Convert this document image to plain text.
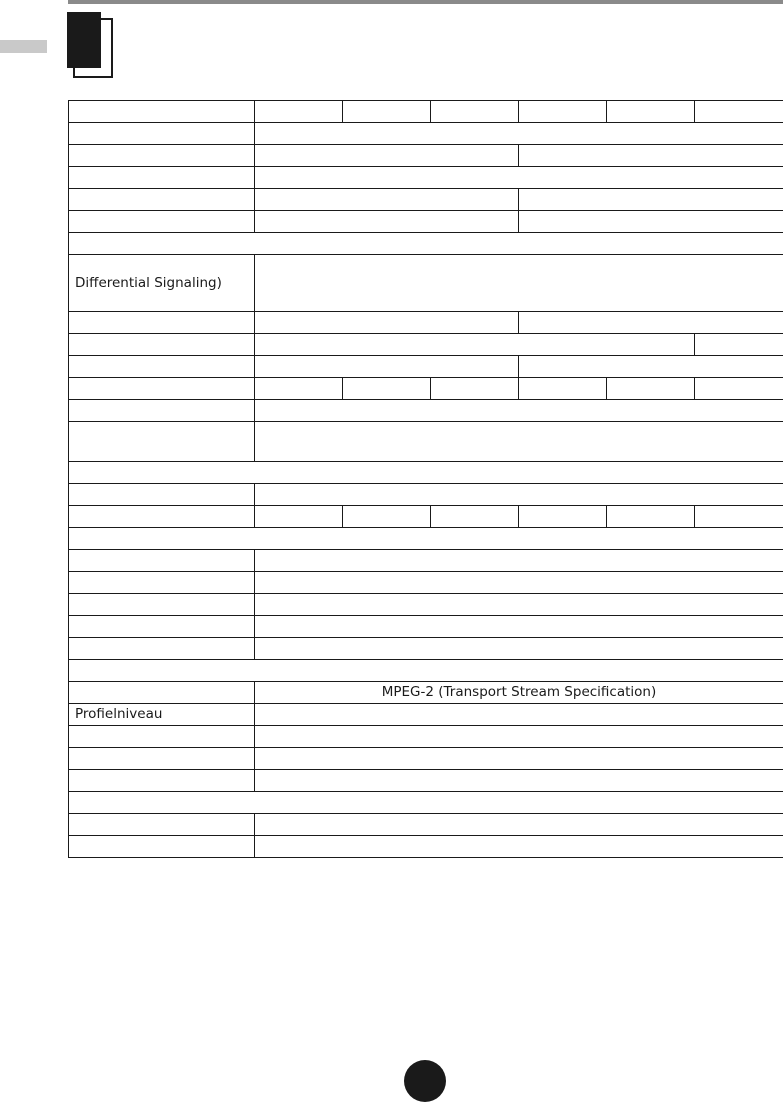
Differential Signaling)						

	MPEG-2 (Transport Stream Specification)					
Profielniveau						
